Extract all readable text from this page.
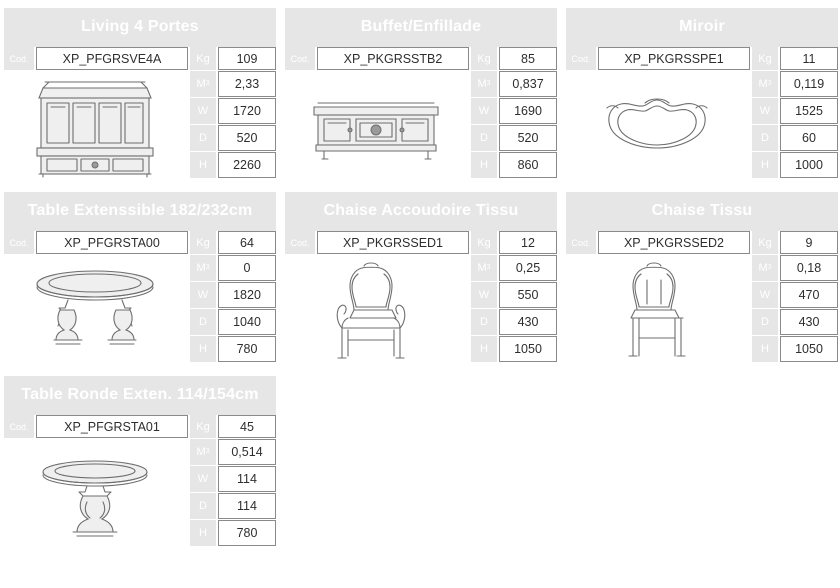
Living 4 Portes
Cod.	XP_PFGRSVE4A	Kg	109
M 3	2,33
W	1720
D	520
H	2260
Buffet/Enfillade
Cod.	XP_PKGRSSTB2	Kg	85
M 3	0,837
W	1690
D	520
H	860
Miroir
Cod.	XP_PKGRSSPE1	Kg	11
M 3	0,119
W	1525
D	60
H	1000
Table Extenssible 182/232cm
Cod.	XP_PFGRSTA00	Kg	64
M 3	0
W	1820
D	1040
H	780
Chaise Accoudoire Tissu
Cod.	XP_PKGRSSED1	Kg	12
M 3	0,25
W	550
D	430
H	1050
Chaise Tissu
Cod.	XP_PKGRSSED2	Kg	9
M 3	0,18
W	470
D	430
H	1050
Table Ronde Exten. 114/154cm
Cod.	XP_PFGRSTA01	Kg	45
M 3	0,514
W	114
D	114
H	780
